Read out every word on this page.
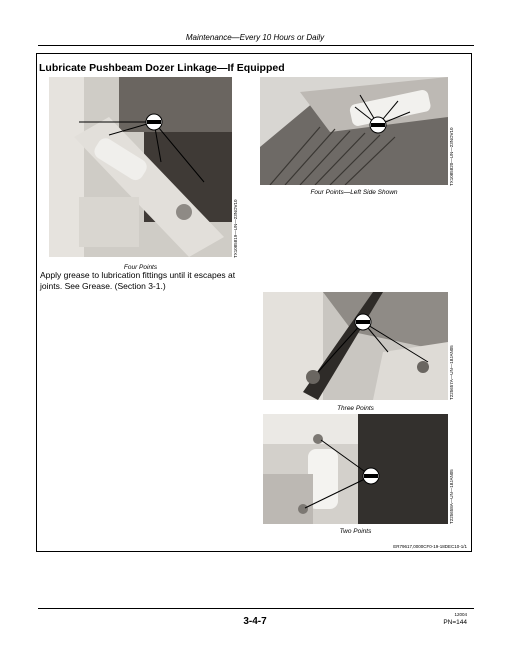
Maintenance—Every 10 Hours or Daily
Lubricate Pushbeam Dozer Linkage—If Equipped
TX1085819—UN—23NOV10
Four Points
Apply grease to lubrication fittings until it escapes at joints. See Grease. (Section 3-1.)
TX1085820—UN—23NOV10
Four Points—Left Side Shown
T225657A—UN—18JAN05
Three Points
T225658A—UN—18JAN05
Two Points
ER79617,0000CF0-19-18DEC10-1/1
3-4-7
12004
PN=144
